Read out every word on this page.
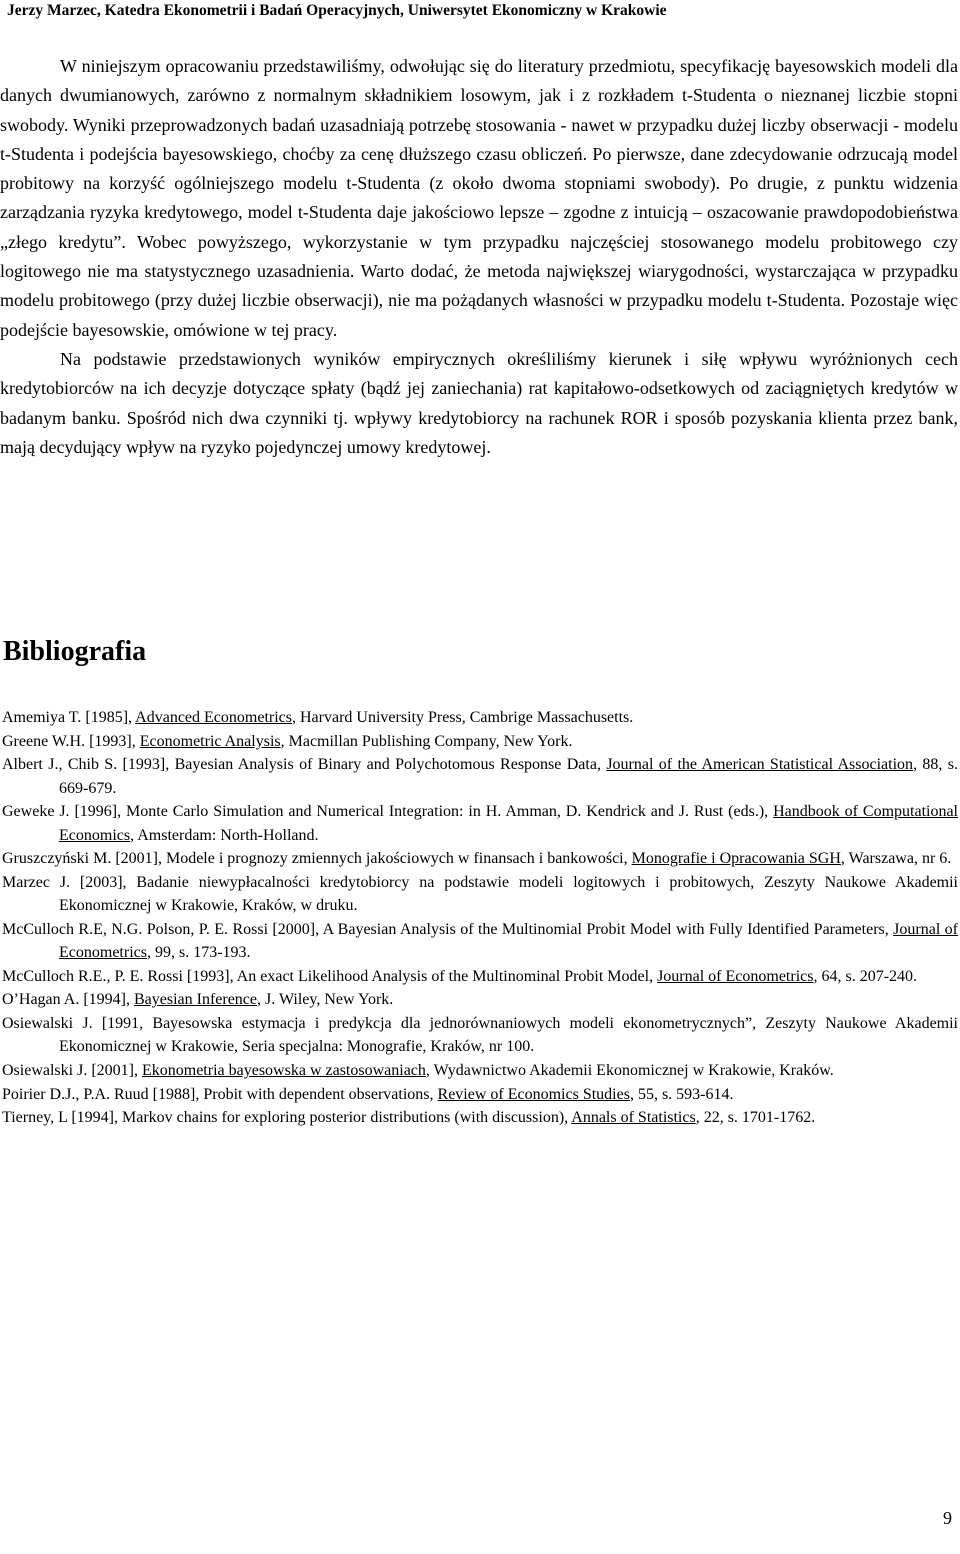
Jerzy Marzec, Katedra Ekonometrii i Badań Operacyjnych, Uniwersytet Ekonomiczny w Krakowie

W niniejszym opracowaniu przedstawiliśmy, odwołując się do literatury przedmiotu, specyfikację bayesowskich modeli dla danych dwumianowych, zarówno z normalnym składnikiem losowym, jak i z rozkładem t-Studenta o nieznanej liczbie stopni swobody. Wyniki przeprowadzonych badań uzasadniają potrzebę stosowania - nawet w przypadku dużej liczby obserwacji - modelu t-Studenta i podejścia bayesowskiego, choćby za cenę dłuższego czasu obliczeń. Po pierwsze, dane zdecydowanie odrzucają model probitowy na korzyść ogólniejszego modelu t-Studenta (z około dwoma stopniami swobody). Po drugie, z punktu widzenia zarządzania ryzyka kredytowego, model t-Studenta daje jakościowo lepsze – zgodne z intuicją – oszacowanie prawdopodobieństwa „złego kredytu”. Wobec powyższego, wykorzystanie w tym przypadku najczęściej stosowanego modelu probitowego czy logitowego nie ma statystycznego uzasadnienia. Warto dodać, że metoda największej wiarygodności, wystarczająca w przypadku modelu probitowego (przy dużej liczbie obserwacji), nie ma pożądanych własności w przypadku modelu t-Studenta. Pozostaje więc podejście bayesowskie, omówione w tej pracy.

Na podstawie przedstawionych wyników empirycznych określiliśmy kierunek i siłę wpływu wyróżnionych cech kredytobiorców na ich decyzje dotyczące spłaty (bądź jej zaniechania) rat kapitałowo-odsetkowych od zaciągniętych kredytów w badanym banku. Spośród nich dwa czynniki tj. wpływy kredytobiorcy na rachunek ROR i sposób pozyskania klienta przez bank, mają decydujący wpływ na ryzyko pojedynczej umowy kredytowej.

Bibliografia

Amemiya T. [1985], Advanced Econometrics, Harvard University Press, Cambrige Massachusetts.

Greene W.H. [1993], Econometric Analysis, Macmillan Publishing Company, New York.

Albert J., Chib S. [1993], Bayesian Analysis of Binary and Polychotomous Response Data, Journal of the American Statistical Association, 88, s. 669-679.

Geweke J. [1996], Monte Carlo Simulation and Numerical Integration: in H. Amman, D. Kendrick and J. Rust (eds.), Handbook of Computational Economics, Amsterdam: North-Holland.

Gruszczyński M. [2001], Modele i prognozy zmiennych jakościowych w finansach i bankowości, Monografie i Opracowania SGH, Warszawa, nr 6.

Marzec J. [2003], Badanie niewypłacalności kredytobiorcy na podstawie modeli logitowych i probitowych, Zeszyty Naukowe Akademii Ekonomicznej w Krakowie, Kraków, w druku.

McCulloch R.E, N.G. Polson, P. E. Rossi [2000], A Bayesian Analysis of the Multinomial Probit Model with Fully Identified Parameters, Journal of Econometrics, 99, s. 173-193.

McCulloch R.E., P. E. Rossi [1993], An exact Likelihood Analysis of the Multinominal Probit Model, Journal of Econometrics, 64, s. 207-240.

O’Hagan A. [1994], Bayesian Inference, J. Wiley, New York.

Osiewalski J. [1991, Bayesowska estymacja i predykcja dla jednorównaniowych modeli ekonometrycznych”, Zeszyty Naukowe Akademii Ekonomicznej w Krakowie, Seria specjalna: Monografie, Kraków, nr 100.

Osiewalski J. [2001], Ekonometria bayesowska w zastosowaniach, Wydawnictwo Akademii Ekonomicznej w Krakowie, Kraków.

Poirier D.J., P.A. Ruud [1988], Probit with dependent observations, Review of Economics Studies, 55, s. 593-614.

Tierney, L [1994], Markov chains for exploring posterior distributions (with discussion), Annals of Statistics, 22, s. 1701-1762.

9
